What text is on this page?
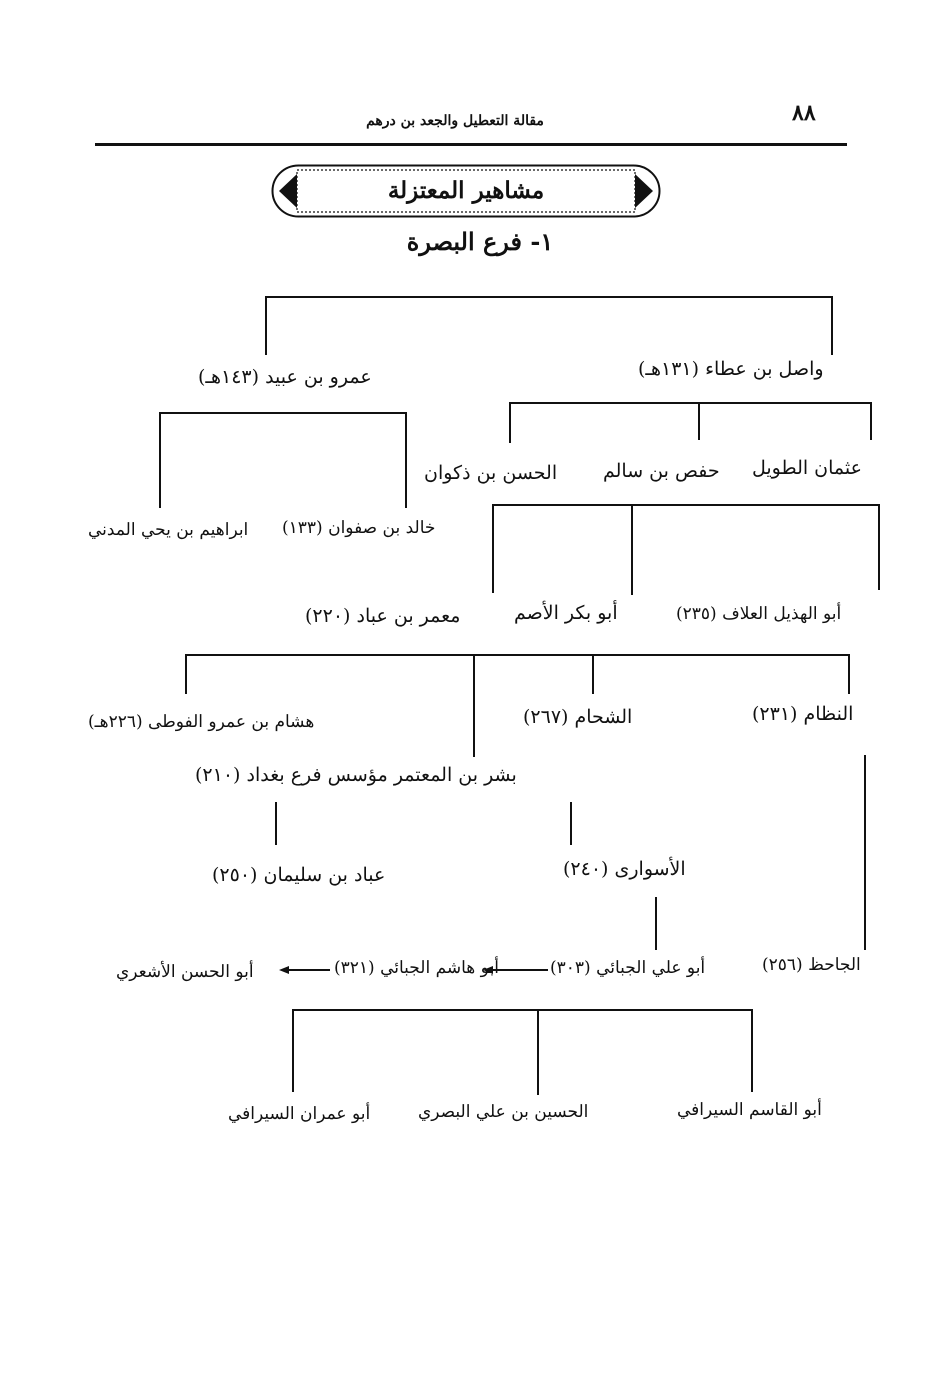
٨٨
مقالة التعطيل والجعد بن درهم
مشاهير المعتزلة
١- فرع البصرة
واصل بن عطاء (١٣١هـ)
عمرو بن عبيد (١٤٣هـ)
عثمان الطويل
حفص بن سالم
الحسن بن ذكوان
خالد بن صفوان (١٣٣)
ابراهيم بن يحي المدني
أبو الهذيل العلاف (٢٣٥)
أبو بكر الأصم
معمر بن عباد (٢٢٠)
النظام (٢٣١)
الشحام (٢٦٧)
هشام بن عمرو الفوطى (٢٢٦هـ)
بشر بن المعتمر مؤسس فرع بغداد (٢١٠)
الأسوارى (٢٤٠)
عباد بن سليمان (٢٥٠)
الجاحظ (٢٥٦)
أبو علي الجبائي (٣٠٣)
أبو هاشم الجبائي (٣٢١)
أبو الحسن الأشعري
أبو القاسم السيرافي
الحسين بن علي البصري
أبو عمران السيرافي
